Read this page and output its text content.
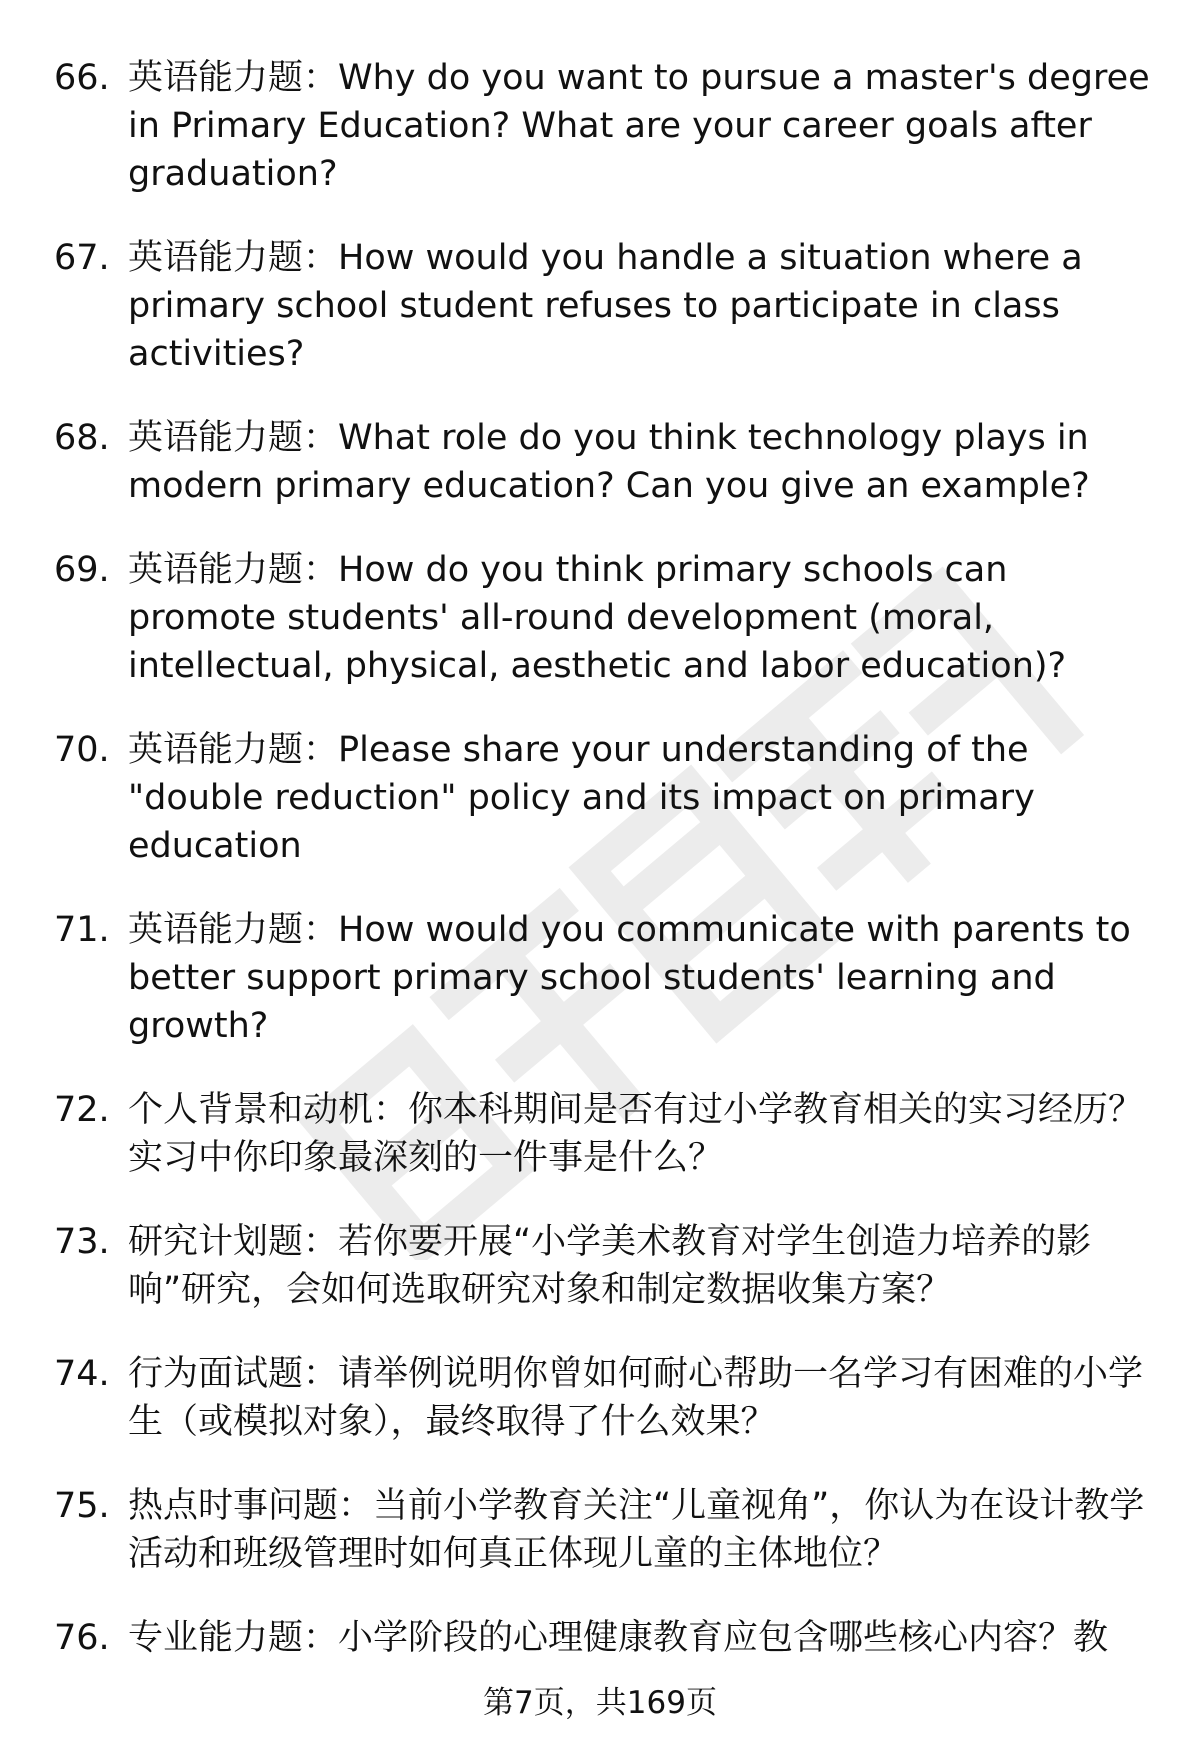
66. 英语能力题：Why do you want to pursue a master's degree in Primary Education? What are your career goals after graduation?
67. 英语能力题：How would you handle a situation where a primary school student refuses to participate in class activities?
68. 英语能力题：What role do you think technology plays in modern primary education? Can you give an example?
69. 英语能力题：How do you think primary schools can promote students' all-round development (moral, intellectual, physical, aesthetic and labor education)?
70. 英语能力题：Please share your understanding of the "double reduction" policy and its impact on primary education
71. 英语能力题：How would you communicate with parents to better support primary school students' learning and growth?
72. 个人背景和动机：你本科期间是否有过小学教育相关的实习经历？实习中你印象最深刻的一件事是什么？
73. 研究计划题：若你要开展“小学美术教育对学生创造力培养的影响”研究，会如何选取研究对象和制定数据收集方案？
74. 行为面试题：请举例说明你曾如何耐心帮助一名学习有困难的小学生（或模拟对象），最终取得了什么效果？
75. 热点时事问题：当前小学教育关注“儿童视角”，你认为在设计教学活动和班级管理时如何真正体现儿童的主体地位？
76. 专业能力题：小学阶段的心理健康教育应包含哪些核心内容？教
第7页，共169页
